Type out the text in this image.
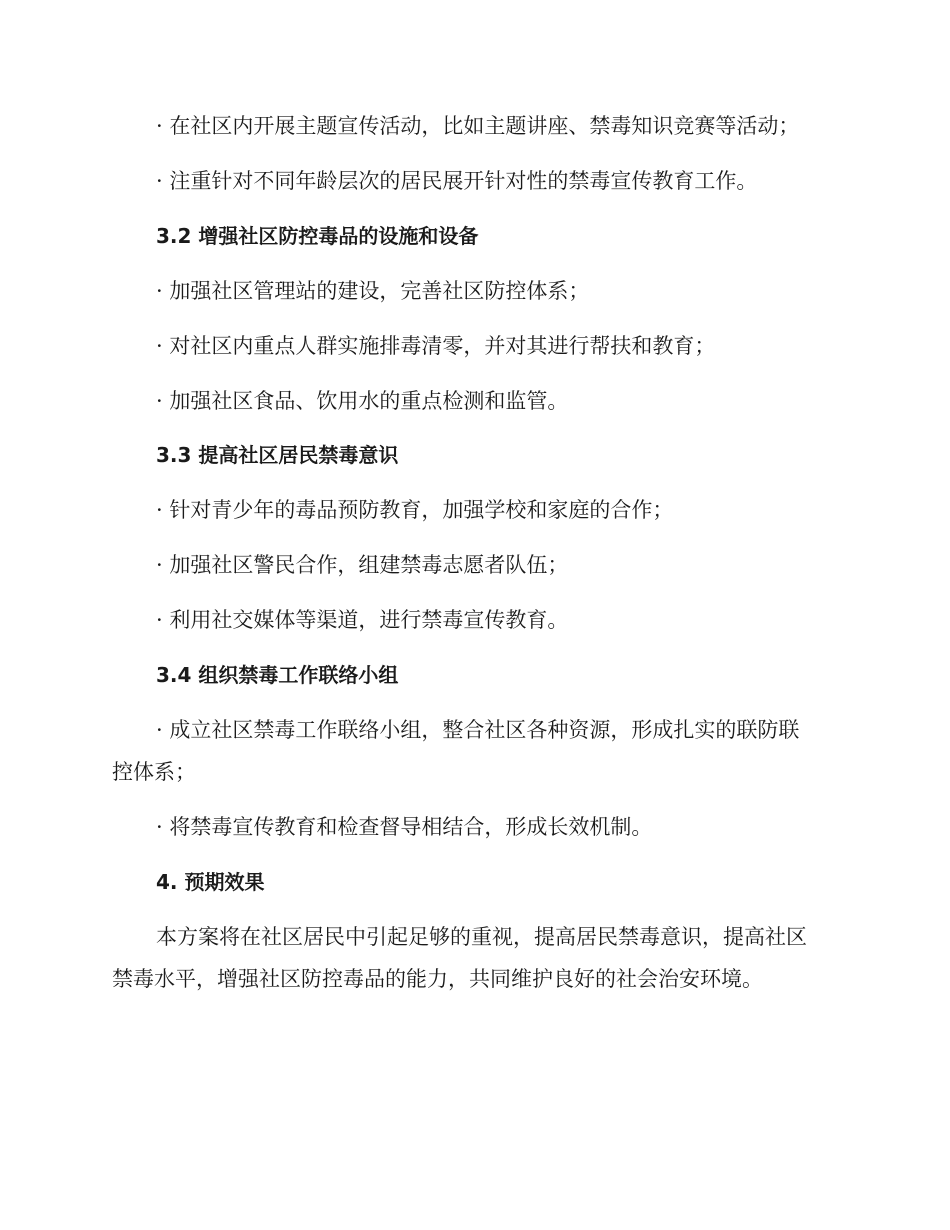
· 在社区内开展主题宣传活动，比如主题讲座、禁毒知识竞赛等活动；

· 注重针对不同年龄层次的居民展开针对性的禁毒宣传教育工作。

3.2 增强社区防控毒品的设施和设备

· 加强社区管理站的建设，完善社区防控体系；

· 对社区内重点人群实施排毒清零，并对其进行帮扶和教育；

· 加强社区食品、饮用水的重点检测和监管。

3.3 提高社区居民禁毒意识

· 针对青少年的毒品预防教育，加强学校和家庭的合作；

· 加强社区警民合作，组建禁毒志愿者队伍；

· 利用社交媒体等渠道，进行禁毒宣传教育。

3.4 组织禁毒工作联络小组

· 成立社区禁毒工作联络小组，整合社区各种资源，形成扎实的联防联

控体系；

· 将禁毒宣传教育和检查督导相结合，形成长效机制。

4. 预期效果

本方案将在社区居民中引起足够的重视，提高居民禁毒意识，提高社区

禁毒水平，增强社区防控毒品的能力，共同维护良好的社会治安环境。
